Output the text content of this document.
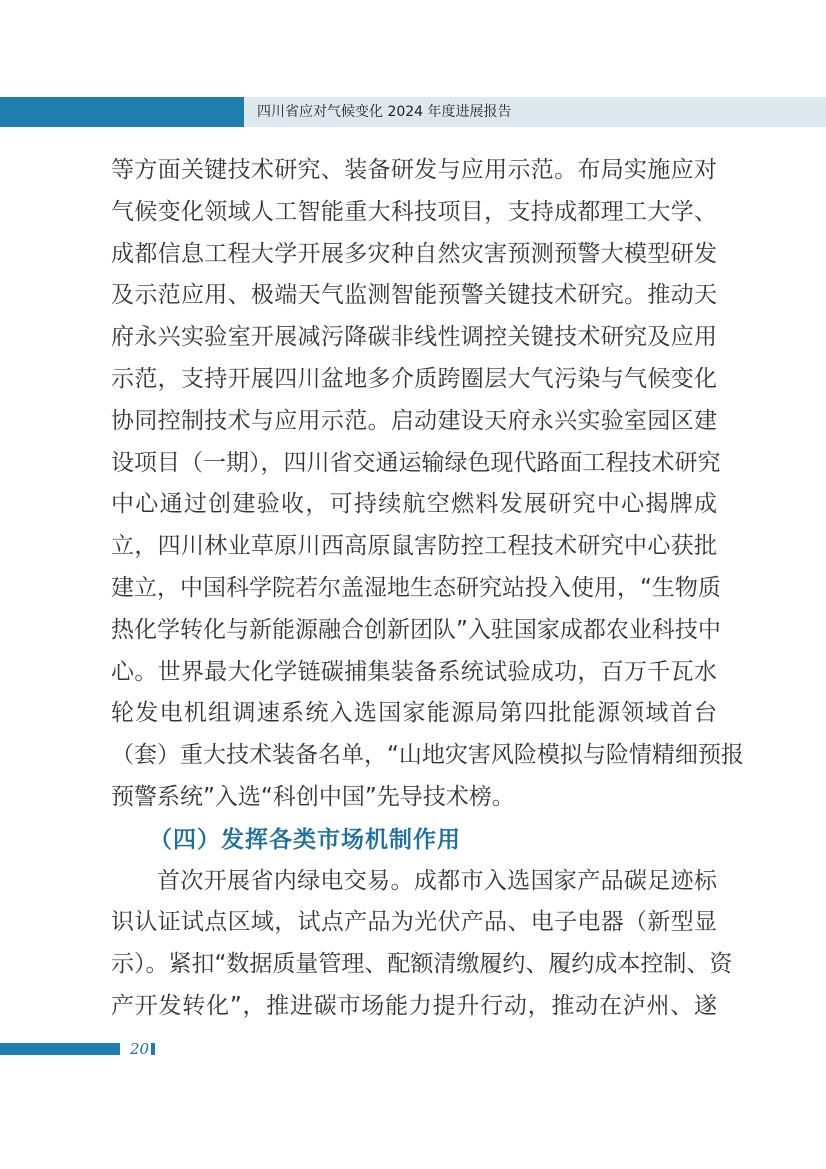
四川省应对气候变化 2024 年度进展报告
等方面关键技术研究、装备研发与应用示范。布局实施应对
气候变化领域人工智能重大科技项目，支持成都理工大学、
成都信息工程大学开展多灾种自然灾害预测预警大模型研发
及示范应用、极端天气监测智能预警关键技术研究。推动天
府永兴实验室开展减污降碳非线性调控关键技术研究及应用
示范，支持开展四川盆地多介质跨圈层大气污染与气候变化
协同控制技术与应用示范。启动建设天府永兴实验室园区建
设项目（一期），四川省交通运输绿色现代路面工程技术研究
中心通过创建验收，可持续航空燃料发展研究中心揭牌成
立，四川林业草原川西高原鼠害防控工程技术研究中心获批
建立，中国科学院若尔盖湿地生态研究站投入使用，“生物质
热化学转化与新能源融合创新团队”入驻国家成都农业科技中
心。世界最大化学链碳捕集装备系统试验成功，百万千瓦水
轮发电机组调速系统入选国家能源局第四批能源领域首台
（套）重大技术装备名单，“山地灾害风险模拟与险情精细预报
预警系统”入选“科创中国”先导技术榜。
（四）发挥各类市场机制作用
首次开展省内绿电交易。成都市入选国家产品碳足迹标
识认证试点区域，试点产品为光伏产品、电子电器（新型显
示）。紧扣“数据质量管理、配额清缴履约、履约成本控制、资
产开发转化”，推进碳市场能力提升行动，推动在泸州、遂
20
